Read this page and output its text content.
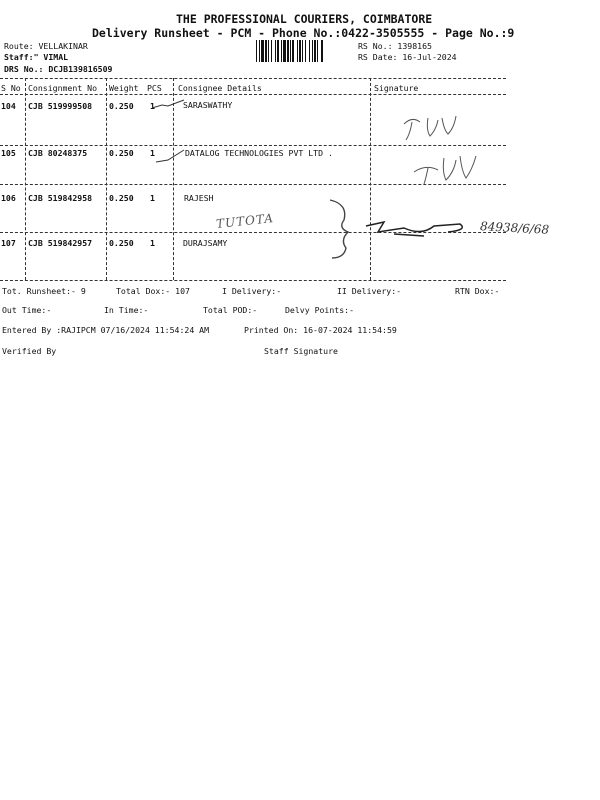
THE PROFESSIONAL COURIERS, COIMBATORE
Delivery Runsheet - PCM - Phone No.:0422-3505555 - Page No.:9
Route: VELLAKINAR
Staff:" VIMAL
DRS No.: DCJB139816509
RS No.: 1398165
RS Date: 16-Jul-2024
S No Consignment No Weight PCS Consignee Details	Signature
104 CJB 519999508 0.250 1	SARASWATHY
105 CJB 80248375	0.250 1	DATALOG TECHNOLOGIES PVT LTD .
106 CJB 519842958 0.250 1	RAJESH
107 CJB 519842957 0.250 1	DURAJSAMY
TUTOTA	84938/6/68
Tot. Runsheet:- 9	Total Dox:- 107	I Delivery:-	II Delivery:-	RTN Dox:-
Out Time:-	In Time:-	Total POD:-	Delvy Points:-
Entered By :RAJIPCM 07/16/2024 11:54:24 AM	Printed On: 16-07-2024 11:54:59
Verified By	Staff Signature
